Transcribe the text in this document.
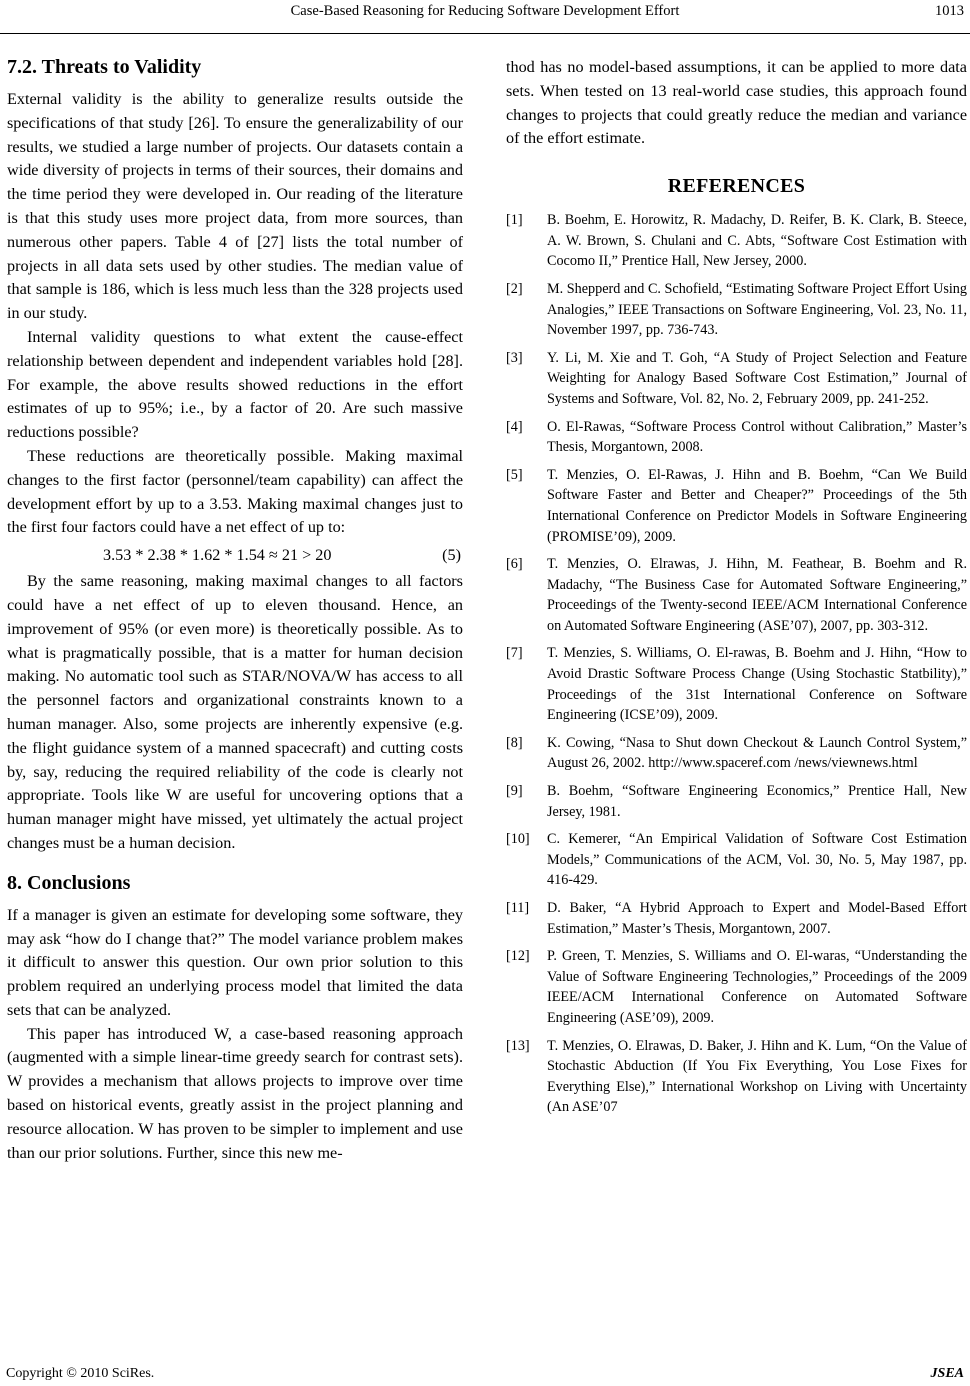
Case-Based Reasoning for Reducing Software Development Effort	1013
7.2. Threats to Validity

External validity is the ability to generalize results outside the specifications of that study [26]. To ensure the generalizability of our results, we studied a large number of projects. Our datasets contain a wide diversity of projects in terms of their sources, their domains and the time period they were developed in. Our reading of the literature is that this study uses more project data, from more sources, than numerous other papers. Table 4 of [27] lists the total number of projects in all data sets used by other studies. The median value of that sample is 186, which is less much less than the 328 projects used in our study.

Internal validity questions to what extent the cause-effect relationship between dependent and independent variables hold [28]. For example, the above results showed reductions in the effort estimates of up to 95%; i.e., by a factor of 20. Are such massive reductions possible?

These reductions are theoretically possible. Making maximal changes to the first factor (personnel/team capability) can affect the development effort by up to a 3.53. Making maximal changes just to the first four factors could have a net effect of up to:

3.53 * 2.38 * 1.62 * 1.54 ≈ 21 > 20	(5)

By the same reasoning, making maximal changes to all factors could have a net effect of up to eleven thousand. Hence, an improvement of 95% (or even more) is theoretically possible. As to what is pragmatically possible, that is a matter for human decision making. No automatic tool such as STAR/NOVA/W has access to all the personnel factors and organizational constraints known to a human manager. Also, some projects are inherently expensive (e.g. the flight guidance system of a manned spacecraft) and cutting costs by, say, reducing the required reliability of the code is clearly not appropriate. Tools like W are useful for uncovering options that a human manager might have missed, yet ultimately the actual project changes must be a human decision.

8. Conclusions

If a manager is given an estimate for developing some software, they may ask “how do I change that?” The model variance problem makes it difficult to answer this question. Our own prior solution to this problem required an underlying process model that limited the data sets that can be analyzed.

This paper has introduced W, a case-based reasoning approach (augmented with a simple linear-time greedy search for contrast sets). W provides a mechanism that allows projects to improve over time based on historical events, greatly assist in the project planning and resource allocation. W has proven to be simpler to implement and use than our prior solutions. Further, since this new me-

thod has no model-based assumptions, it can be applied to more data sets. When tested on 13 real-world case studies, this approach found changes to projects that could greatly reduce the median and variance of the effort estimate.

REFERENCES
[1]	B. Boehm, E. Horowitz, R. Madachy, D. Reifer, B. K. Clark, B. Steece, A. W. Brown, S. Chulani and C. Abts, “Software Cost Estimation with Cocomo II,” Prentice Hall, New Jersey, 2000.
[2]	M. Shepperd and C. Schofield, “Estimating Software Project Effort Using Analogies,” IEEE Transactions on Software Engineering, Vol. 23, No. 11, November 1997, pp. 736-743.
[3]	Y. Li, M. Xie and T. Goh, “A Study of Project Selection and Feature Weighting for Analogy Based Software Cost Estimation,” Journal of Systems and Software, Vol. 82, No. 2, February 2009, pp. 241-252.
[4]	O. El-Rawas, “Software Process Control without Calibration,” Master’s Thesis, Morgantown, 2008.
[5]	T. Menzies, O. El-Rawas, J. Hihn and B. Boehm, “Can We Build Software Faster and Better and Cheaper?” Proceedings of the 5th International Conference on Predictor Models in Software Engineering (PROMISE’09), 2009.
[6]	T. Menzies, O. Elrawas, J. Hihn, M. Feathear, B. Boehm and R. Madachy, “The Business Case for Automated Software Engineering,” Proceedings of the Twenty-second IEEE/ACM International Conference on Automated Software Engineering (ASE’07), 2007, pp. 303-312.
[7]	T. Menzies, S. Williams, O. El-rawas, B. Boehm and J. Hihn, “How to Avoid Drastic Software Process Change (Using Stochastic Statbility),” Proceedings of the 31st International Conference on Software Engineering (ICSE’09), 2009.
[8]	K. Cowing, “Nasa to Shut down Checkout & Launch Control System,” August 26, 2002. http://www.spaceref.com /news/viewnews.html
[9]	B. Boehm, “Software Engineering Economics,” Prentice Hall, New Jersey, 1981.
[10]	C. Kemerer, “An Empirical Validation of Software Cost Estimation Models,” Communications of the ACM, Vol. 30, No. 5, May 1987, pp. 416-429.
[11]	D. Baker, “A Hybrid Approach to Expert and Model-Based Effort Estimation,” Master’s Thesis, Morgantown, 2007.
[12]	P. Green, T. Menzies, S. Williams and O. El-waras, “Understanding the Value of Software Engineering Technologies,” Proceedings of the 2009 IEEE/ACM International Conference on Automated Software Engineering (ASE’09), 2009.
[13]	T. Menzies, O. Elrawas, D. Baker, J. Hihn and K. Lum, “On the Value of Stochastic Abduction (If You Fix Everything, You Lose Fixes for Everything Else),” International Workshop on Living with Uncertainty (An ASE’07
Copyright © 2010 SciRes.	JSEA
